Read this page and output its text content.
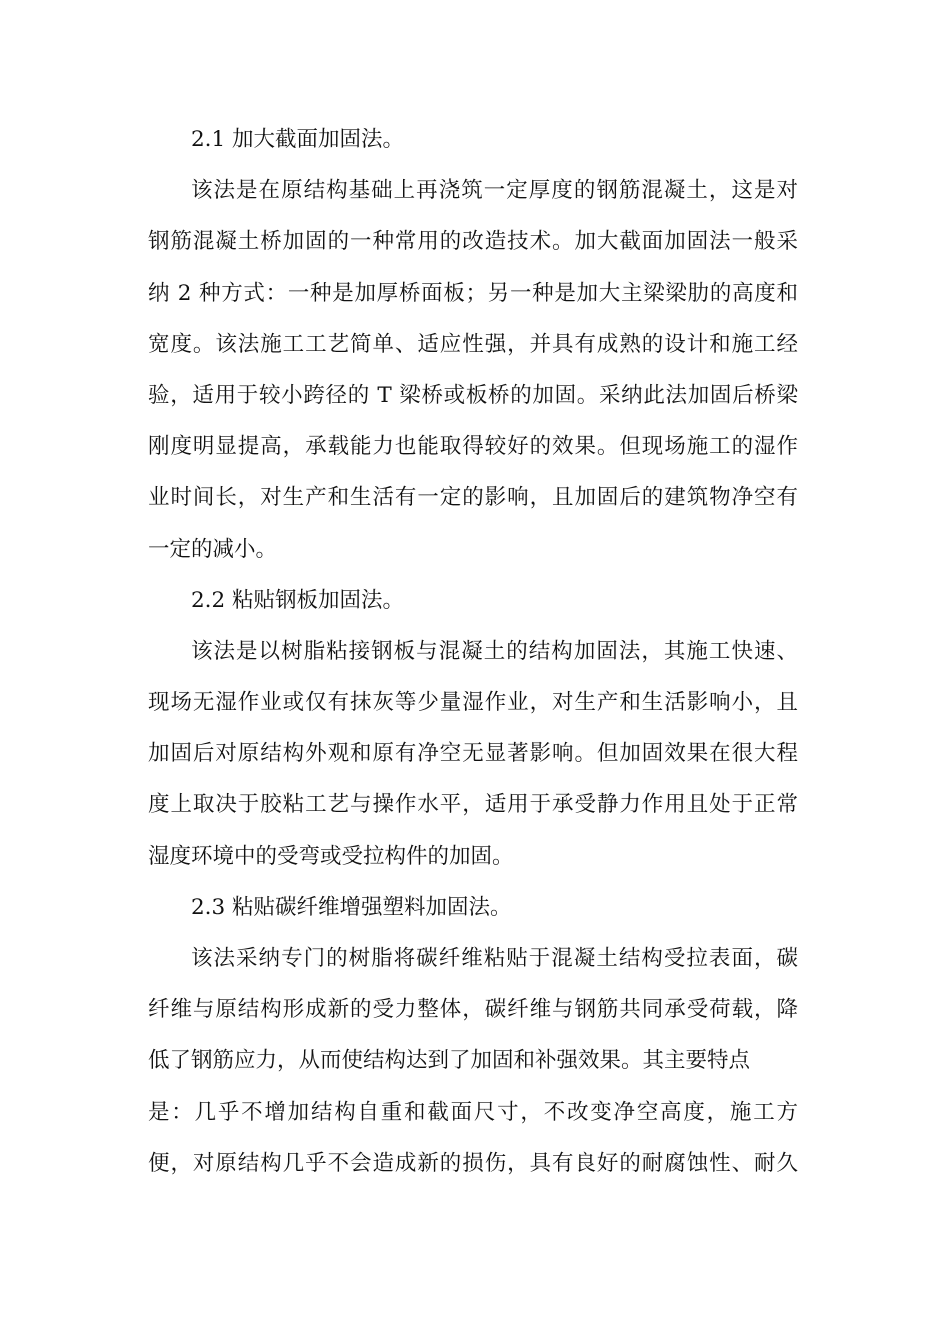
2.1 加大截面加固法。
该法是在原结构基础上再浇筑一定厚度的钢筋混凝土，这是对
钢筋混凝土桥加固的一种常用的改造技术。加大截面加固法一般采
纳 2 种方式：一种是加厚桥面板；另一种是加大主梁梁肋的高度和
宽度。该法施工工艺简单、适应性强，并具有成熟的设计和施工经
验，适用于较小跨径的 T 梁桥或板桥的加固。采纳此法加固后桥梁
刚度明显提高，承载能力也能取得较好的效果。但现场施工的湿作
业时间长，对生产和生活有一定的影响，且加固后的建筑物净空有
一定的减小。
2.2 粘贴钢板加固法。
该法是以树脂粘接钢板与混凝土的结构加固法，其施工快速、
现场无湿作业或仅有抹灰等少量湿作业，对生产和生活影响小，且
加固后对原结构外观和原有净空无显著影响。但加固效果在很大程
度上取决于胶粘工艺与操作水平，适用于承受静力作用且处于正常
湿度环境中的受弯或受拉构件的加固。
2.3 粘贴碳纤维增强塑料加固法。
该法采纳专门的树脂将碳纤维粘贴于混凝土结构受拉表面，碳
纤维与原结构形成新的受力整体，碳纤维与钢筋共同承受荷载，降
低了钢筋应力，从而使结构达到了加固和补强效果。其主要特点
是：几乎不增加结构自重和截面尺寸，不改变净空高度，施工方
便，对原结构几乎不会造成新的损伤，具有良好的耐腐蚀性、耐久
